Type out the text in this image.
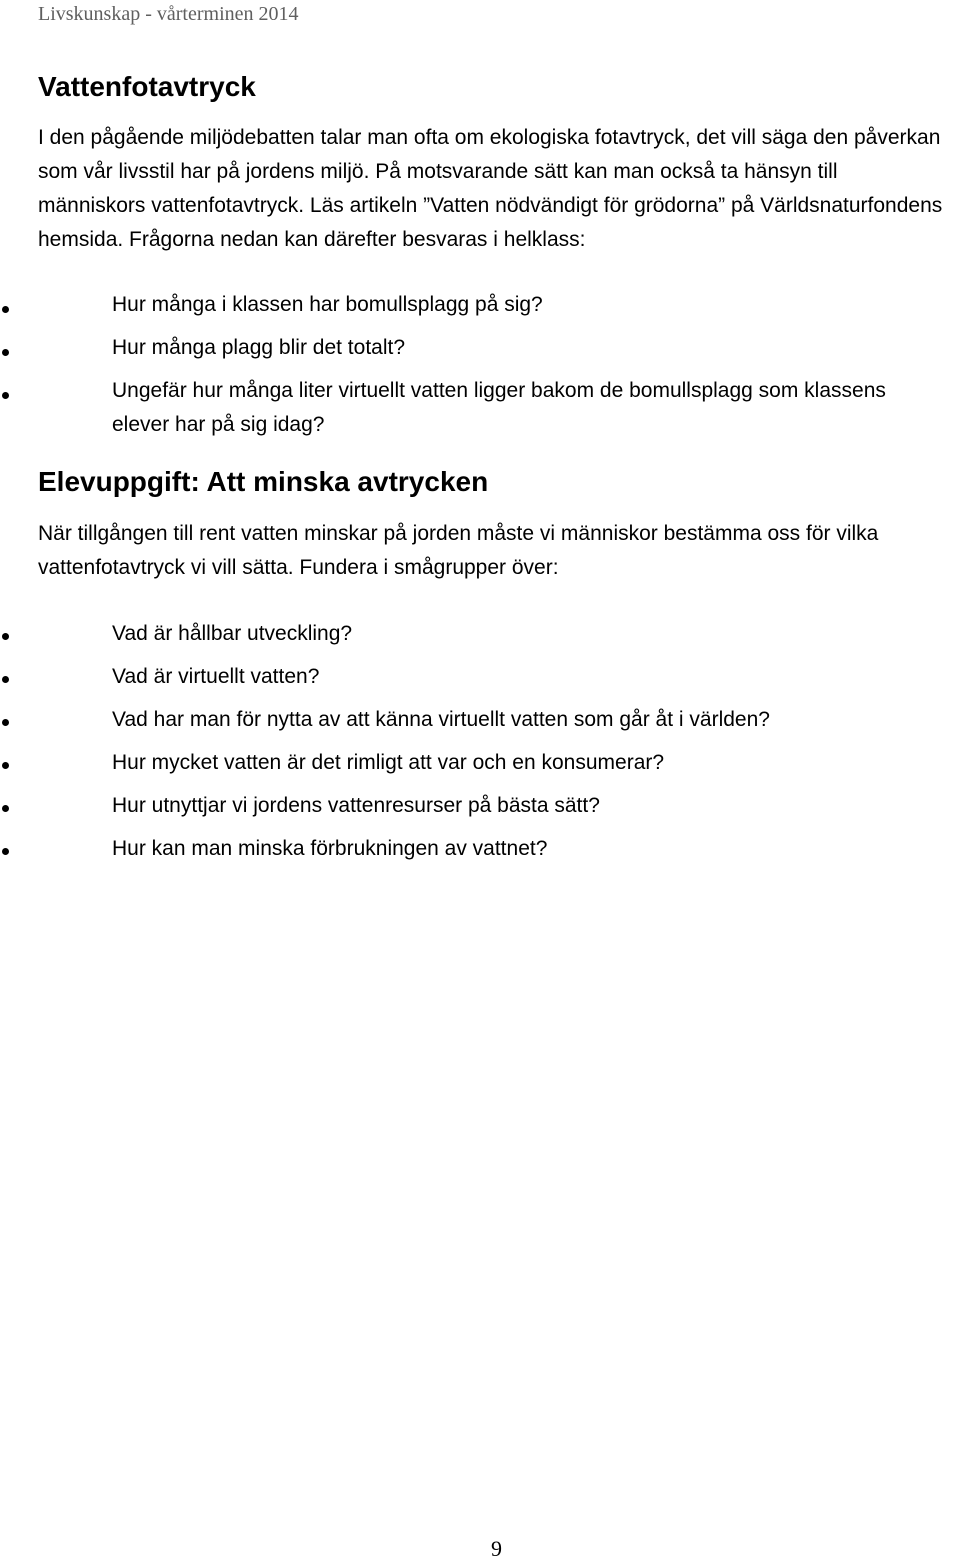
Livskunskap - vårterminen 2014
Vattenfotavtryck

I den pågående miljödebatten talar man ofta om ekologiska fotavtryck, det vill säga den påverkan som vår livsstil har på jordens miljö. På motsvarande sätt kan man också ta hänsyn till människors vattenfotavtryck. Läs artikeln ”Vatten nödvändigt för grödorna” på Världsnaturfondens hemsida. Frågorna nedan kan därefter besvaras i helklass:

Hur många i klassen har bomullsplagg på sig?
Hur många plagg blir det totalt?
Ungefär hur många liter virtuellt vatten ligger bakom de bomullsplagg som klassens elever har på sig idag?
Elevuppgift: Att minska avtrycken

När tillgången till rent vatten minskar på jorden måste vi människor bestämma oss för vilka vattenfotavtryck vi vill sätta. Fundera i smågrupper över:

Vad är hållbar utveckling?
Vad är virtuellt vatten?
Vad har man för nytta av att känna virtuellt vatten som går åt i världen?
Hur mycket vatten är det rimligt att var och en konsumerar?
Hur utnyttjar vi jordens vattenresurser på bästa sätt?
Hur kan man minska förbrukningen av vattnet?
9
